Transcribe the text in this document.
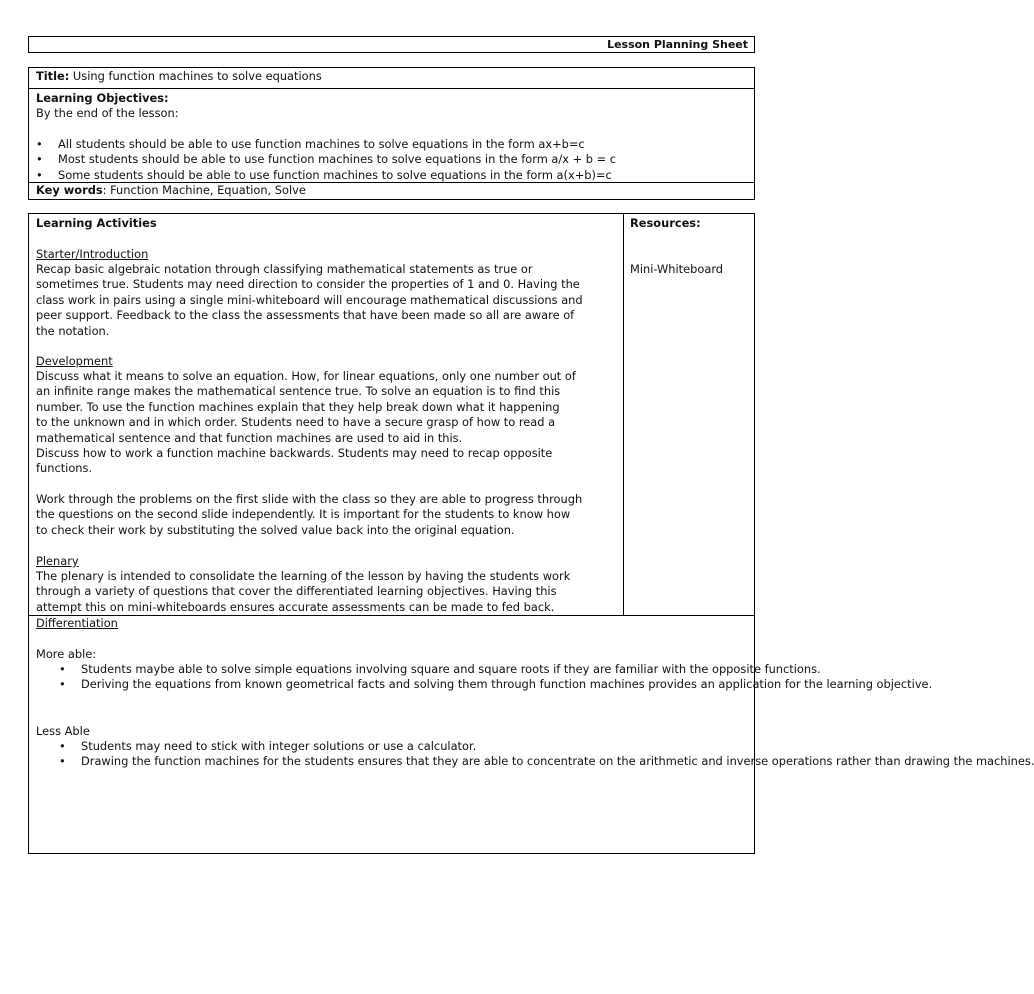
Lesson Planning Sheet
Title: Using function machines to solve equations
Learning Objectives:
By the end of the lesson:
• All students should be able to use function machines to solve equations in the form ax+b=c
• Most students should be able to use function machines to solve equations in the form a/x + b = c
• Some students should be able to use function machines to solve equations in the form a(x+b)=c
Key words: Function Machine, Equation, Solve
Learning Activities	Resources:
Mini-Whiteboard
Starter/Introduction
Recap basic algebraic notation through classifying mathematical statements as true or
sometimes true. Students may need direction to consider the properties of 1 and 0. Having the
class work in pairs using a single mini-whiteboard will encourage mathematical discussions and
peer support. Feedback to the class the assessments that have been made so all are aware of
the notation.
Development
Discuss what it means to solve an equation. How, for linear equations, only one number out of
an infinite range makes the mathematical sentence true. To solve an equation is to find this
number. To use the function machines explain that they help break down what it happening
to the unknown and in which order. Students need to have a secure grasp of how to read a
mathematical sentence and that function machines are used to aid in this.
Discuss how to work a function machine backwards. Students may need to recap opposite
functions.
Work through the problems on the first slide with the class so they are able to progress through
the questions on the second slide independently. It is important for the students to know how
to check their work by substituting the solved value back into the original equation.
Plenary
The plenary is intended to consolidate the learning of the lesson by having the students work
through a variety of questions that cover the differentiated learning objectives. Having this
attempt this on mini-whiteboards ensures accurate assessments can be made to fed back.
Differentiation
More able:
• Students maybe able to solve simple equations involving square and square roots if they are familiar with the opposite functions.
• Deriving the equations from known geometrical facts and solving them through function machines provides an application for the learning objective.
Less Able
• Students may need to stick with integer solutions or use a calculator.
• Drawing the function machines for the students ensures that they are able to concentrate on the arithmetic and inverse operations rather than drawing the machines.
